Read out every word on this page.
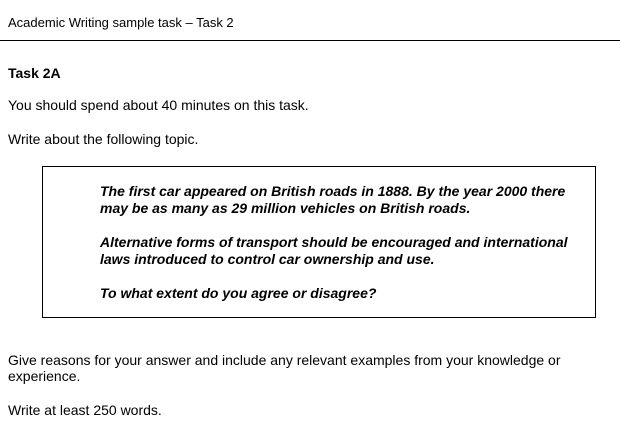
Academic Writing sample task – Task 2
Task 2A
You should spend about 40 minutes on this task.
Write about the following topic.

The first car appeared on British roads in 1888. By the year 2000 there may be as many as 29 million vehicles on British roads.

Alternative forms of transport should be encouraged and international laws introduced to control car ownership and use.

To what extent do you agree or disagree?

Give reasons for your answer and include any relevant examples from your knowledge or experience.
Write at least 250 words.
